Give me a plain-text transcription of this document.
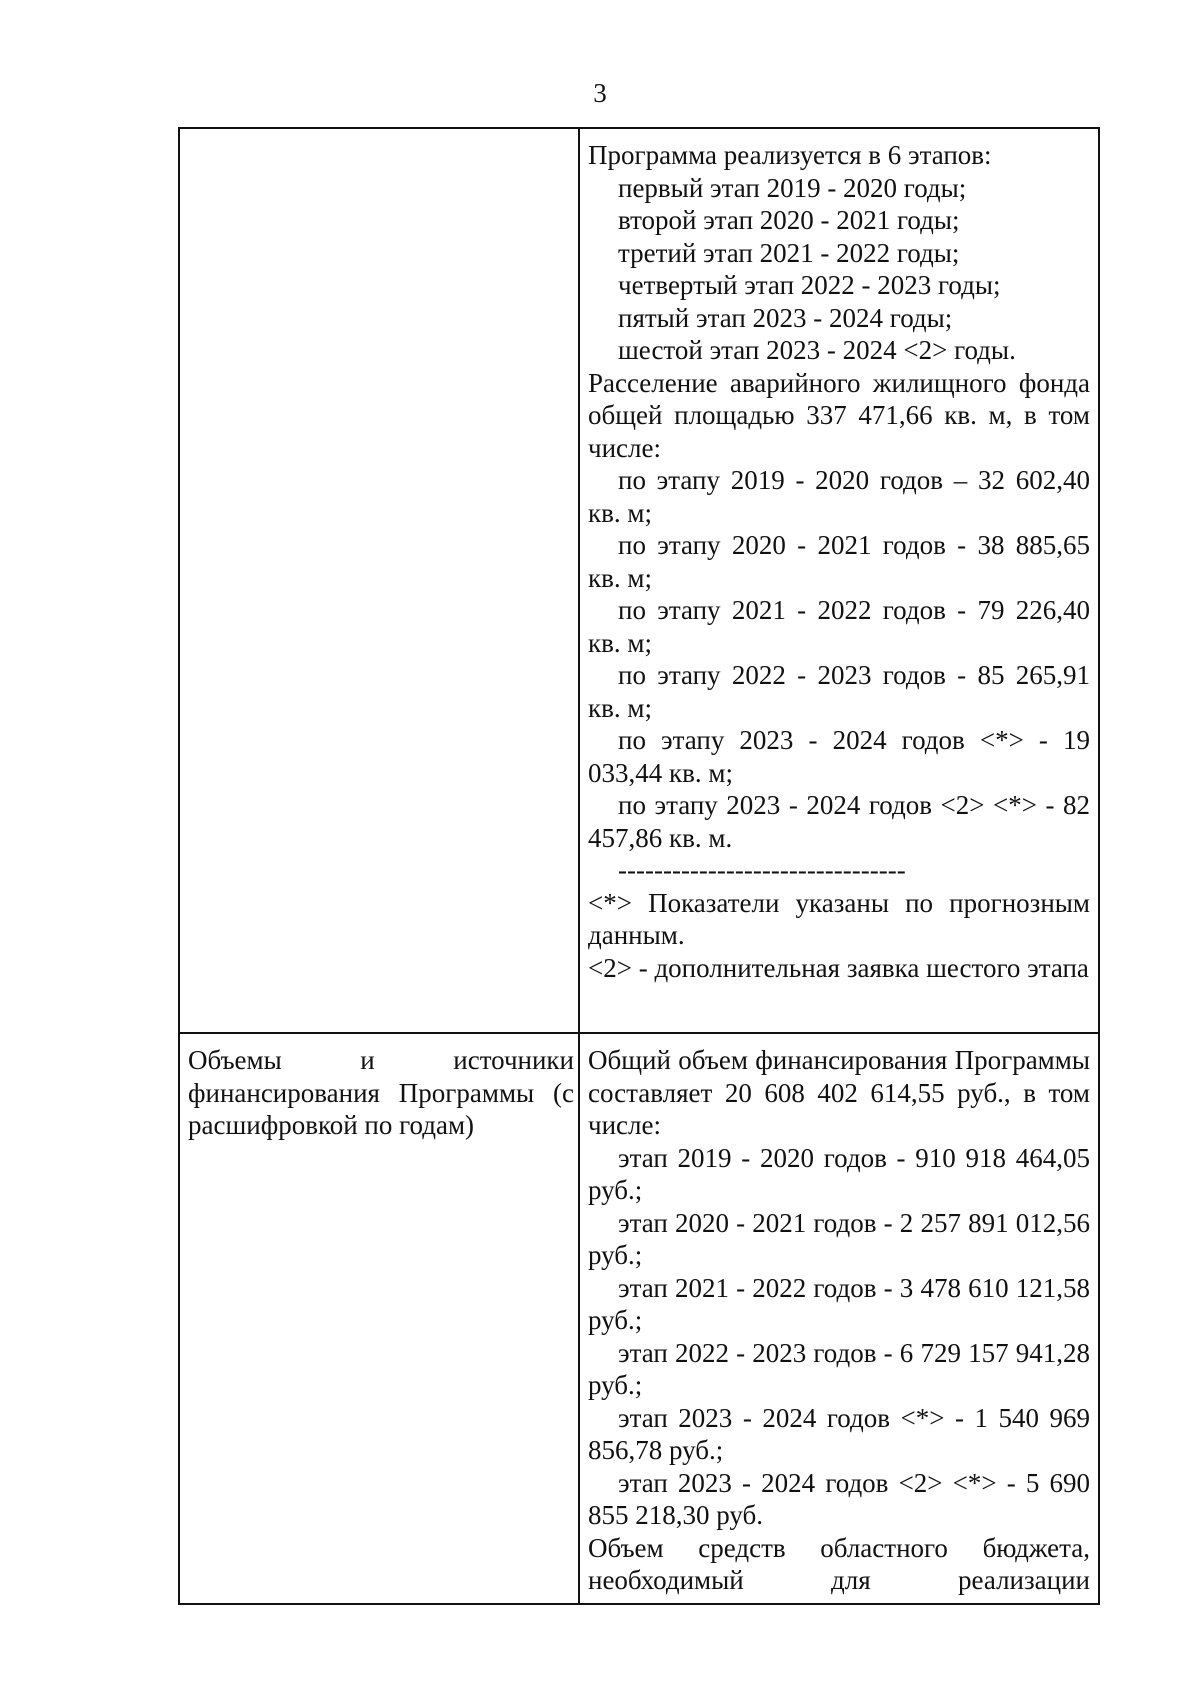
3

Программа реализуется в 6 этапов:

первый этап 2019 - 2020 годы;
второй этап 2020 - 2021 годы;
третий этап 2021 - 2022 годы;
четвертый этап 2022 - 2023 годы;
пятый этап 2023 - 2024 годы;
шестой этап 2023 - 2024 <2> годы.

Расселение аварийного жилищного фонда общей площадью 337 471,66 кв. м, в том числе:

по этапу 2019 - 2020 годов – 32 602,40 кв. м;

по этапу 2020 - 2021 годов - 38 885,65 кв. м;

по этапу 2021 - 2022 годов - 79 226,40 кв. м;

по этапу 2022 - 2023 годов - 85 265,91 кв. м;

по этапу 2023 - 2024 годов <*> - 19 033,44 кв. м;

по этапу 2023 - 2024 годов <2> <*> - 82 457,86 кв. м.

--------------------------------

<*> Показатели указаны по прогнозным данным.

<2> - дополнительная заявка шестого этапа

Объемы и источники финансирования Программы (с расшифровкой по годам)

Общий объем финансирования Программы составляет 20 608 402 614,55 руб., в том числе:

этап 2019 - 2020 годов - 910 918 464,05 руб.;

этап 2020 - 2021 годов - 2 257 891 012,56 руб.;

этап 2021 - 2022 годов - 3 478 610 121,58 руб.;

этап 2022 - 2023 годов - 6 729 157 941,28 руб.;

этап 2023 - 2024 годов <*> - 1 540 969 856,78 руб.;

этап 2023 - 2024 годов <2> <*> - 5 690 855 218,30 руб.

Объем средств областного бюджета, необходимый для реализации
